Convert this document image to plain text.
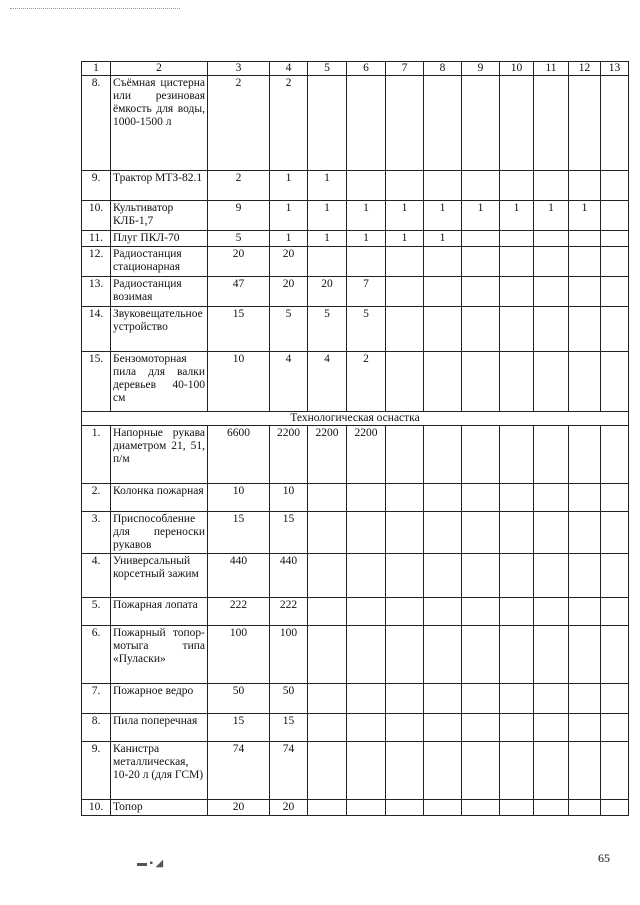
1	2	3	4	5	6	7	8	9	10	11	12	13
8.	Съёмная цистерна или резиновая ёмкость для воды, 1000-1500 л	2	2									
9.	Трактор МТЗ-82.1	2	1	1								
10.	Культиватор КЛБ-1,7	9	1	1	1	1	1	1	1	1	1	
11.	Плуг ПКЛ-70	5	1	1	1	1	1					
12.	Радиостанция стационарная	20	20									
13.	Радиостанция возимая	47	20	20	7							
14.	Звуковещательное устройство	15	5	5	5							
15.	Бензомоторная пила для валки деревьев 40-100 см	10	4	4	2							
Технологическая оснастка												
1.	Напорные рукава диаметром 21, 51, п/м	6600	2200	2200	2200							
2.	Колонка пожарная	10	10									
3.	Приспособление для переноски рукавов	15	15									
4.	Универсальный корсетный зажим	440	440									
5.	Пожарная лопата	222	222									
6.	Пожарный топор-мотыга типа «Пуласки»	100	100									
7.	Пожарное ведро	50	50									
8.	Пила поперечная	15	15									
9.	Канистра металлическая, 10-20 л (для ГСМ)	74	74									
10.	Топор	20	20									
▬ ▪ ◢	65
